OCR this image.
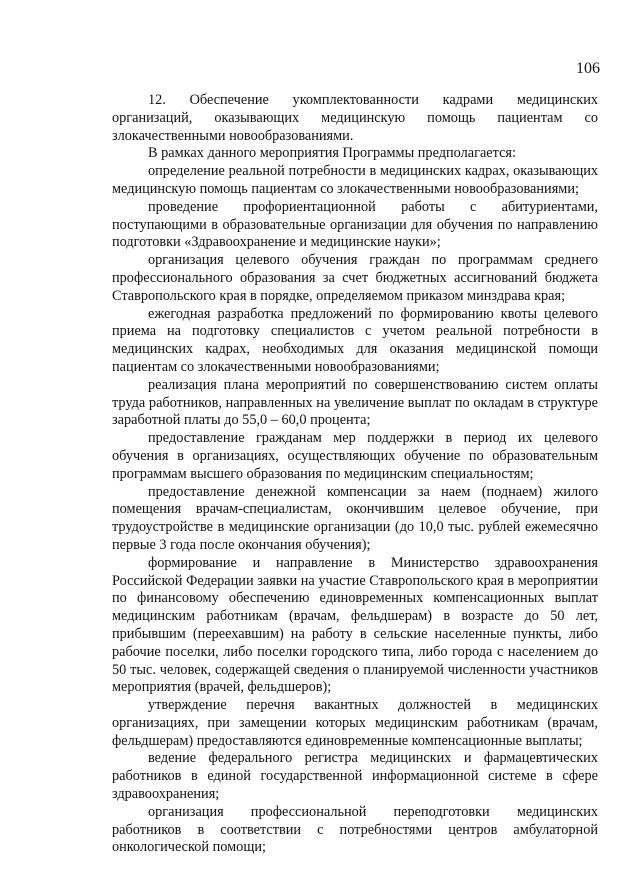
106

12. Обеспечение укомплектованности кадрами медицинских организаций, оказывающих медицинскую помощь пациентам со злокачественными новообразованиями.

В рамках данного мероприятия Программы предполагается:

определение реальной потребности в медицинских кадрах, оказывающих медицинскую помощь пациентам со злокачественными новообразованиями;

проведение профориентационной работы с абитуриентами, поступающими в образовательные организации для обучения по направлению подготовки «Здравоохранение и медицинские науки»;

организация целевого обучения граждан по программам среднего профессионального образования за счет бюджетных ассигнований бюджета Ставропольского края в порядке, определяемом приказом минздрава края;

ежегодная разработка предложений по формированию квоты целевого приема на подготовку специалистов с учетом реальной потребности в медицинских кадрах, необходимых для оказания медицинской помощи пациентам со злокачественными новообразованиями;

реализация плана мероприятий по совершенствованию систем оплаты труда работников, направленных на увеличение выплат по окладам в структуре заработной платы до 55,0 – 60,0 процента;

предоставление гражданам мер поддержки в период их целевого обучения в организациях, осуществляющих обучение по образовательным программам высшего образования по медицинским специальностям;

предоставление денежной компенсации за наем (поднаем) жилого помещения врачам-специалистам, окончившим целевое обучение, при трудоустройстве в медицинские организации (до 10,0 тыс. рублей ежемесячно первые 3 года после окончания обучения);

формирование и направление в Министерство здравоохранения Российской Федерации заявки на участие Ставропольского края в мероприятии по финансовому обеспечению единовременных компенсационных выплат медицинским работникам (врачам, фельдшерам) в возрасте до 50 лет, прибывшим (переехавшим) на работу в сельские населенные пункты, либо рабочие поселки, либо поселки городского типа, либо города с населением до 50 тыс. человек, содержащей сведения о планируемой численности участников мероприятия (врачей, фельдшеров);

утверждение перечня вакантных должностей в медицинских организациях, при замещении которых медицинским работникам (врачам, фельдшерам) предоставляются единовременные компенсационные выплаты;

ведение федерального регистра медицинских и фармацевтических работников в единой государственной информационной системе в сфере здравоохранения;

организация профессиональной переподготовки медицинских работников в соответствии с потребностями центров амбулаторной онкологической помощи;
